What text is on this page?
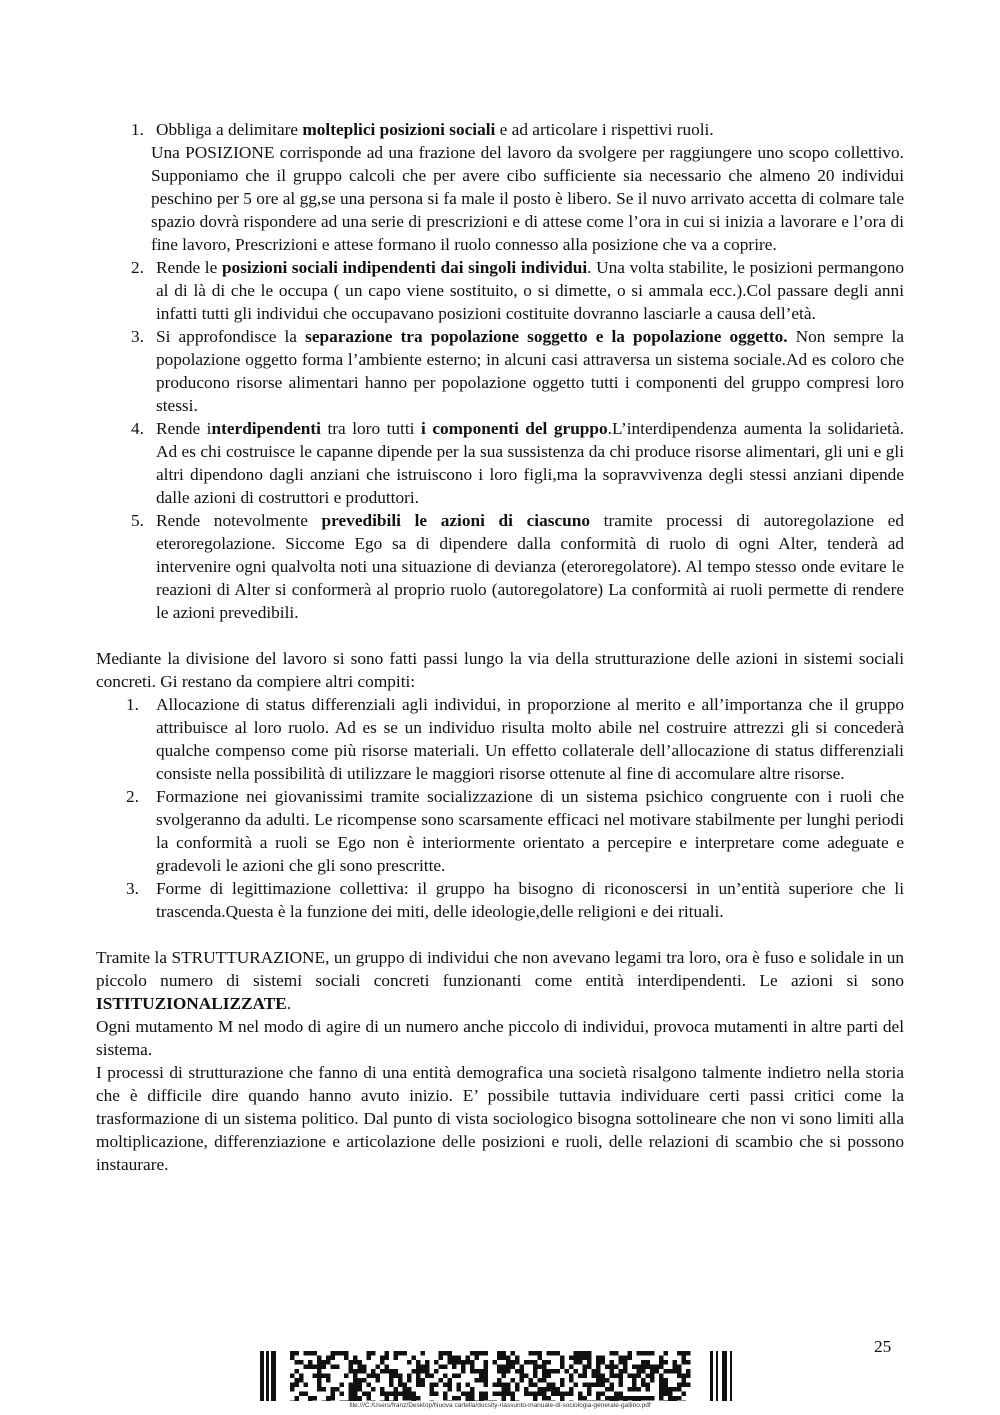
1. Obbliga a delimitare molteplici posizioni sociali e ad articolare i rispettivi ruoli.

Una POSIZIONE corrisponde ad una frazione del lavoro da svolgere per raggiungere uno scopo collettivo. Supponiamo che il gruppo calcoli che per avere cibo sufficiente sia necessario che almeno 20 individui peschino per 5 ore al gg,se una persona si fa male il posto è libero. Se il nuvo arrivato accetta di colmare tale spazio dovrà rispondere ad una serie di prescrizioni e di attese come l’ora in cui si inizia a lavorare e l’ora di fine lavoro, Prescrizioni e attese formano il ruolo connesso alla posizione che va a coprire.

2. Rende le posizioni sociali indipendenti dai singoli individui. Una volta stabilite, le posizioni permangono al di là di che le occupa ( un capo viene sostituito, o si dimette, o si ammala ecc.).Col passare degli anni infatti tutti gli individui che occupavano posizioni costituite dovranno lasciarle a causa dell’età.
3. Si approfondisce la separazione tra popolazione soggetto e la popolazione oggetto. Non sempre la popolazione oggetto forma l’ambiente esterno; in alcuni casi attraversa un sistema sociale.Ad es coloro che producono risorse alimentari hanno per popolazione oggetto tutti i componenti del gruppo compresi loro stessi.
4. Rende interdipendenti tra loro tutti i componenti del gruppo.L’interdipendenza aumenta la solidarietà. Ad es chi costruisce le capanne dipende per la sua sussistenza da chi produce risorse alimentari, gli uni e gli altri dipendono dagli anziani che istruiscono i loro figli,ma la sopravvivenza degli stessi anziani dipende dalle azioni di costruttori e produttori.
5. Rende notevolmente prevedibili le azioni di ciascuno tramite processi di autoregolazione ed eteroregolazione. Siccome Ego sa di dipendere dalla conformità di ruolo di ogni Alter, tenderà ad intervenire ogni qualvolta noti una situazione di devianza (eteroregolatore). Al tempo stesso onde evitare le reazioni di Alter si conformerà al proprio ruolo (autoregolatore) La conformità ai ruoli permette di rendere le azioni prevedibili.

Mediante la divisione del lavoro si sono fatti passi lungo la via della strutturazione delle azioni in sistemi sociali concreti. Gi restano da compiere altri compiti:

1. Allocazione di status differenziali agli individui, in proporzione al merito e all’importanza che il gruppo attribuisce al loro ruolo. Ad es se un individuo risulta molto abile nel costruire attrezzi gli si concederà qualche compenso come più risorse materiali. Un effetto collaterale dell’allocazione di status differenziali consiste nella possibilità di utilizzare le maggiori risorse ottenute al fine di accomulare altre risorse.
2. Formazione nei giovanissimi tramite socializzazione di un sistema psichico congruente con i ruoli che svolgeranno da adulti. Le ricompense sono scarsamente efficaci nel motivare stabilmente per lunghi periodi la conformità a ruoli se Ego non è interiormente orientato a percepire e interpretare come adeguate e gradevoli le azioni che gli sono prescritte.
3. Forme di legittimazione collettiva: il gruppo ha bisogno di riconoscersi in un’entità superiore che li trascenda.Questa è la funzione dei miti, delle ideologie,delle religioni e dei rituali.

Tramite la STRUTTURAZIONE, un gruppo di individui che non avevano legami tra loro, ora è fuso e solidale in un piccolo numero di sistemi sociali concreti funzionanti come entità interdipendenti. Le azioni si sono ISTITUZIONALIZZATE.

Ogni mutamento M nel modo di agire di un numero anche piccolo di individui, provoca mutamenti in altre parti del sistema.

I processi di strutturazione che fanno di una entità demografica una società risalgono talmente indietro nella storia che è difficile dire quando hanno avuto inizio. E’ possibile tuttavia individuare certi passi critici come la trasformazione di un sistema politico. Dal punto di vista sociologico bisogna sottolineare che non vi sono limiti alla moltiplicazione, differenziazione e articolazione delle posizioni e ruoli, delle relazioni di scambio che si possono instaurare.

25
file:///C:/Users/franz/Desktop/Nuova cartella/docsity-riassunto-manuale-di-sociologia-generale-gallino.pdf
